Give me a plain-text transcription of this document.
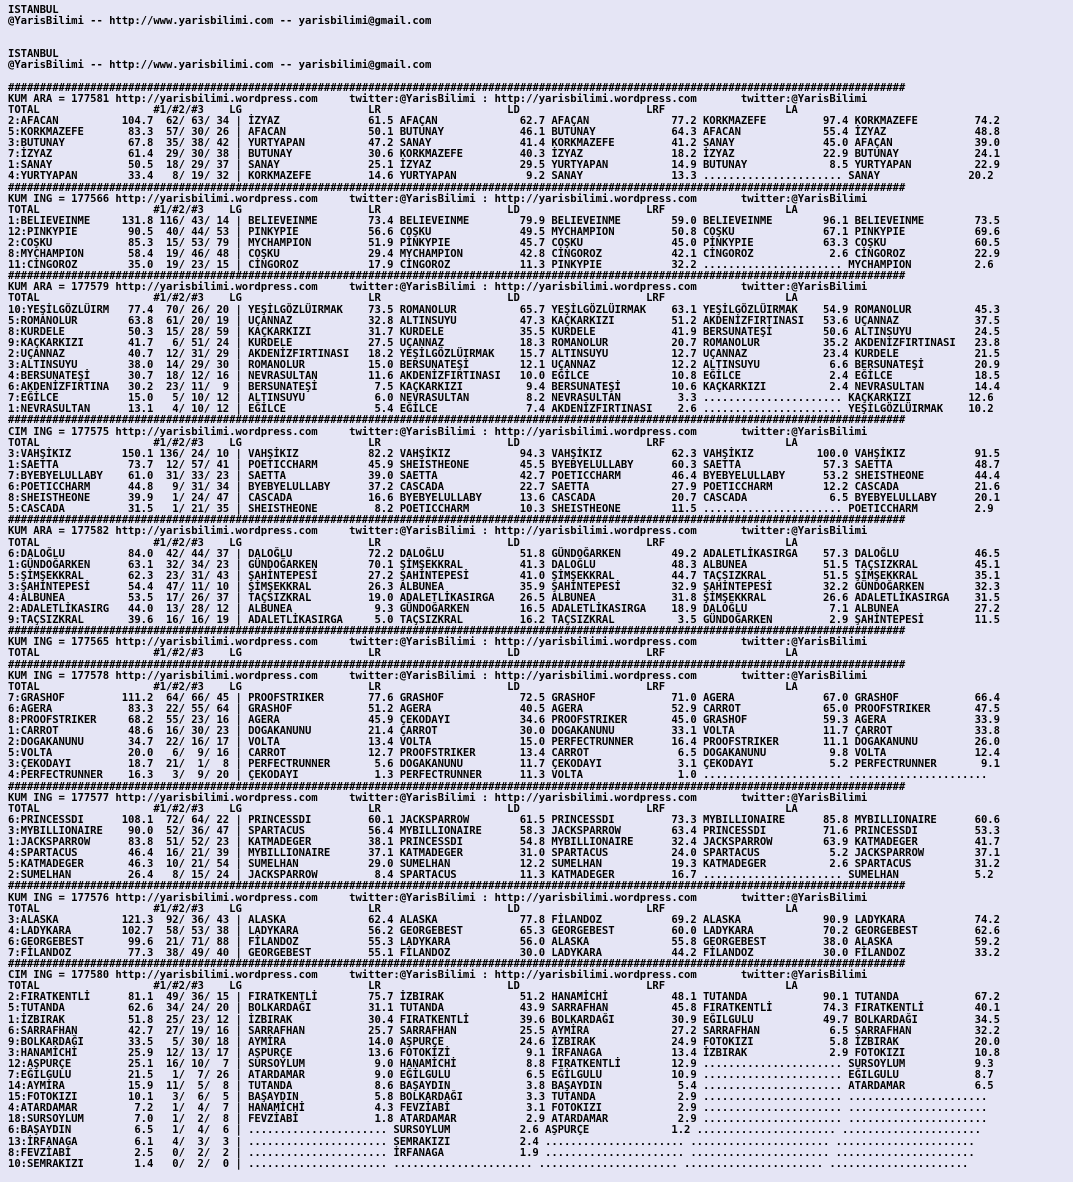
ISTANBUL
@YarisBilimi -- http://www.yarisbilimi.com -- yarisbilimi@gmail.com
ISTANBUL
@YarisBilimi -- http://www.yarisbilimi.com -- yarisbilimi@gmail.com
##############################################################################################################################################
KUM ARA = 177581 http://yarisbilimi.wordpress.com     twitter:@YarisBilimi : http://yarisbilimi.wordpress.com       twitter:@YarisBilimi
TOTAL                  #1/#2/#3    LG                    LR                    LD                    LRF                   LA
2:AFACAN          104.7  62/ 63/ 34 | İZYAZ              61.5 AFAÇAN             62.7 AFAÇAN             77.2 KORKMAZEFE         97.4 KORKMAZEFE         74.2
5:KORKMAZEFE       83.3  57/ 30/ 26 | AFACAN             50.1 BUTUNAY            46.1 BUTUNAY            64.3 AFACAN             55.4 İZYAZ              48.8
3:BUTUNAY          67.8  35/ 38/ 42 | YURTYAPAN          47.2 SANAY              41.4 KORKMAZEFE         41.2 SANAY              45.0 AFAÇAN             39.0
7:İZYAZ            61.4  29/ 30/ 38 | BUTUNAY            30.6 KORKMAZEFE         40.3 İZYAZ              18.2 İZYAZ              22.9 BUTUNAY            24.1
1:SANAY            50.5  18/ 29/ 37 | SANAY              25.1 İZYAZ              29.5 YURTYAPAN          14.9 BUTUNAY             8.5 YURTYAPAN          22.9
4:YURTYAPAN        33.4   8/ 19/ 32 | KORKMAZEFE         14.6 YURTYAPAN           9.2 SANAY              13.3 ...................... SANAY              20.2
##############################################################################################################################################
KUM ING = 177566 http://yarisbilimi.wordpress.com     twitter:@YarisBilimi : http://yarisbilimi.wordpress.com       twitter:@YarisBilimi
TOTAL                  #1/#2/#3    LG                    LR                    LD                    LRF                   LA
1:BELIEVEINME     131.8 116/ 43/ 14 | BELIEVEINME        73.4 BELIEVEINME        79.9 BELIEVEINME        59.0 BELIEVEINME        96.1 BELIEVEINME        73.5
12:PINKYPIE        90.5  40/ 44/ 53 | PINKYPIE           56.6 COŞKU              49.5 MYCHAMPION         50.8 COŞKU              67.1 PINKYPIE           69.6
2:COŞKU            85.3  15/ 53/ 79 | MYCHAMPION         51.9 PİNKYPIE           45.7 COŞKU              45.0 PİNKYPIE           63.3 COŞKU              60.5
8:MYCHAMPION       58.4  19/ 46/ 48 | COŞKU              29.4 MYCHAMPION         42.8 CİNGOROZ           42.1 CİNGOROZ            2.6 CİNGOROZ           22.9
11:CİNGOROZ        35.0  19/ 23/ 15 | CİNGOROZ           17.9 CİNGOROZ           11.3 PINKYPIE           32.2 ...................... MYCHAMPION          2.6
##############################################################################################################################################
KUM ARA = 177579 http://yarisbilimi.wordpress.com     twitter:@YarisBilimi : http://yarisbilimi.wordpress.com       twitter:@YarisBilimi
TOTAL                  #1/#2/#3    LG                    LR                    LD                    LRF                   LA
10:YEŞİLGÖZLÜIRM   77.4  70/ 26/ 20 | YEŞİLGÖZLÜIRMAK    73.5 ROMANOLUR          65.7 YEŞİLGÖZLÜIRMAK    63.1 YEŞİLGÖZLÜIRMAK    54.9 ROMANOLUR          45.3
5:ROMANOLUR        63.8  61/ 20/ 19 | UÇANNAZ            32.8 ALTINSUYU          47.3 KAÇKARKIZI         51.2 AKDENİZFIRTINASI   53.6 UÇANNAZ            37.5
8:KURDELE          50.3  15/ 28/ 59 | KAÇKARKIZI         31.7 KURDELE            35.5 KURDELE            41.9 BERSUNATEŞİ        50.6 ALTINSUYU          24.5
9:KAÇKARKIZI       41.7   6/ 51/ 24 | KURDELE            27.5 UÇANNAZ            18.3 ROMANOLUR          20.7 ROMANOLUR          35.2 AKDENİZFIRTINASI   23.8
2:UÇANNAZ          40.7  12/ 31/ 29 | AKDENİZFIRTINASI   18.2 YEŞİLGÖZLÜIRMAK    15.7 ALTINSUYU          12.7 UÇANNAZ            23.4 KURDELE            21.5
3:ALTINSUYU        38.0  14/ 29/ 30 | ROMANOLUR          15.0 BERSUNATEŞİ        12.1 UÇANNAZ            12.2 ALTINSUYU           6.6 BERSUNATEŞİ        20.9
4:BERSUNATEŞİ      30.7  18/ 12/ 16 | NEVRASULTAN        11.6 AKDENİZFIRTINASI   10.0 EĞİLCE             10.8 EĞİLCE              2.4 EĞİLCE             18.5
6:AKDENİZFIRTINA   30.2  23/ 11/  9 | BERSUNATEŞİ         7.5 KAÇKARKIZI          9.4 BERSUNATEŞİ        10.6 KAÇKARKIZI          2.4 NEVRASULTAN        14.4
7:EĞİLCE           15.0   5/ 10/ 12 | ALTINSUYU           6.0 NEVRASULTAN         8.2 NEVRASULTAN         3.3 ...................... KAÇKARKIZI         12.6
1:NEVRASULTAN      13.1   4/ 10/ 12 | EĞİLCE              5.4 EĞİLCE              7.4 AKDENİZFIRTINASI    2.6 ...................... YEŞİLGÖZLÜIRMAK    10.2
##############################################################################################################################################
CIM ING = 177575 http://yarisbilimi.wordpress.com     twitter:@YarisBilimi : http://yarisbilimi.wordpress.com       twitter:@YarisBilimi
TOTAL                  #1/#2/#3    LG                    LR                    LD                    LRF                   LA
3:VAHŞİKIZ        150.1 136/ 24/ 10 | VAHŞİKIZ           82.2 VAHŞİKIZ           94.3 VAHŞİKIZ           62.3 VAHŞİKIZ          100.0 VAHŞİKIZ           91.5
1:SAETTA           73.7  12/ 57/ 41 | POETICCHARM        45.9 SHEISTHEONE        45.5 BYEBYELULLABY      60.3 SAETTA             57.3 SAETTA             48.7
7:BYEBYELULLABY    61.0  31/ 33/ 23 | SAETTA             39.0 SAETTA             42.7 POETICCHARM        46.4 BYEBYELULLABY      53.2 SHEISTHEONE        44.4
6:POETICCHARM      44.8   9/ 31/ 34 | BYEBYELULLABY      37.2 CASCADA            22.7 SAETTA             27.9 POETICCHARM        12.2 CASCADA            21.6
8:SHEISTHEONE      39.9   1/ 24/ 47 | CASCADA            16.6 BYEBYELULLABY      13.6 CASCADA            20.7 CASCADA             6.5 BYEBYELULLABY      20.1
5:CASCADA          31.5   1/ 21/ 35 | SHEISTHEONE         8.2 POETICCHARM        10.3 SHEISTHEONE        11.5 ...................... POETICCHARM         2.9
##############################################################################################################################################
KUM ARA = 177582 http://yarisbilimi.wordpress.com     twitter:@YarisBilimi : http://yarisbilimi.wordpress.com       twitter:@YarisBilimi
TOTAL                  #1/#2/#3    LG                    LR                    LD                    LRF                   LA
6:DALOĞLU          84.0  42/ 44/ 37 | DALOĞLU            72.2 DALOĞLU            51.8 GÜNDOĞARKEN        49.2 ADALETLİKASIRGA    57.3 DALOĞLU            46.5
1:GÜNDOĞARKEN      63.1  32/ 34/ 23 | GÜNDOĞARKEN        70.1 ŞİMŞEKKRAL         41.3 DALOĞLU            48.3 ALBUNEA            51.5 TAÇSIZKRAL         45.1
5:ŞİMŞEKKRAL       62.3  23/ 31/ 43 | ŞAHİNTEPESİ        27.2 ŞAHİNTEPESİ        41.0 ŞİMŞEKKRAL         44.7 TAÇSIZKRAL         51.5 ŞİMŞEKKRAL         35.1
3:ŞAHİNTEPESİ      54.4  47/ 11/ 10 | ŞİMŞEKKRAL         26.3 ALBUNEA            35.9 ŞAHİNTEPESİ        32.9 ŞAHİNTEPESİ        32.2 GÜNDOĞARKEN        32.3
4:ALBUNEA          53.5  17/ 26/ 37 | TAÇSIZKRAL         19.0 ADALETLİKASIRGA    26.5 ALBUNEA            31.8 ŞİMŞEKKRAL         26.6 ADALETLİKASIRGA    31.5
2:ADALETLİKASIRG   44.0  13/ 28/ 12 | ALBUNEA             9.3 GÜNDOĞARKEN        16.5 ADALETLİKASIRGA    18.9 DALOĞLU             7.1 ALBUNEA            27.2
9:TAÇSIZKRAL       39.6  16/ 16/ 19 | ADALETLİKASIRGA     5.0 TAÇSIZKRAL         16.2 TAÇSIZKRAL          3.5 GÜNDOĞARKEN         2.9 ŞAHİNTEPESİ        11.5
##############################################################################################################################################
KUM ING = 177565 http://yarisbilimi.wordpress.com     twitter:@YarisBilimi : http://yarisbilimi.wordpress.com       twitter:@YarisBilimi
TOTAL                  #1/#2/#3    LG                    LR                    LD                    LRF                   LA
##############################################################################################################################################
KUM ING = 177578 http://yarisbilimi.wordpress.com     twitter:@YarisBilimi : http://yarisbilimi.wordpress.com       twitter:@YarisBilimi
TOTAL                  #1/#2/#3    LG                    LR                    LD                    LRF                   LA
7:GRASHOF         111.2  64/ 66/ 45 | PROOFSTRIKER       77.6 GRASHOF            72.5 GRASHOF            71.0 AGERA              67.0 GRASHOF            66.4
6:AGERA            83.3  22/ 55/ 64 | GRASHOF            51.2 AGERA              40.5 AGERA              52.9 CARROT             65.0 PROOFSTRIKER       47.5
8:PROOFSTRIKER     68.2  55/ 23/ 16 | AGERA              45.9 ÇEKODAYI           34.6 PROOFSTRIKER       45.0 GRASHOF            59.3 AGERA              33.9
1:CARROT           48.6  16/ 30/ 23 | DOGAKANUNU         21.4 ÇARROT             30.0 DOGAKANUNU         33.1 VOLTA              11.7 ÇARROT             33.8
2:DOGAKANUNU       34.7  22/ 16/ 17 | VOLTA              13.4 VOLTA              15.0 PERFECTRUNNER      16.4 PROOFSTRIKER       11.1 DOGAKANUNU         26.0
5:VOLTA            20.0   6/  9/ 16 | CARROT             12.7 PROOFSTRIKER       13.4 CARROT              6.5 DOGAKANUNU          9.8 VOLTA              12.4
3:ÇEKODAYI         18.7  21/  1/  8 | PERFECTRUNNER       5.6 DOGAKANUNU         11.7 ÇEKODAYI            3.1 ÇEKODAYI            5.2 PERFECTRUNNER       9.1
4:PERFECTRUNNER    16.3   3/  9/ 20 | ÇEKODAYI            1.3 PERFECTRUNNER      11.3 VOLTA               1.0 ...................... ......................
##############################################################################################################################################
KUM ING = 177577 http://yarisbilimi.wordpress.com     twitter:@YarisBilimi : http://yarisbilimi.wordpress.com       twitter:@YarisBilimi
TOTAL                  #1/#2/#3    LG                    LR                    LD                    LRF                   LA
6:PRINCESSDI      108.1  72/ 64/ 22 | PRINCESSDI         60.1 JACKSPARROW        61.5 PRINCESSDI         73.3 MYBILLIONAIRE      85.8 MYBILLIONAIRE      60.6
3:MYBILLIONAIRE    90.0  52/ 36/ 47 | SPARTACUS          56.4 MYBILLIONAIRE      58.3 JACKSPARROW        63.4 PRINCESSDI         71.6 PRINCESSDI         53.3
1:JACKSPARROW      83.8  51/ 52/ 23 | KATMADEGER         38.1 PRINCESSDI         54.8 MYBILLIONAIRE      32.4 JACKSPARROW        63.9 KATMADEGER         41.7
4:SPARTACUS        46.4  16/ 21/ 39 | MYBILLIONAIRE      37.1 KATMADEGER         31.0 SPARTACUS          24.0 SPARTACUS           5.2 JACKSPARROW        37.1
5:KATMADEGER       46.3  10/ 21/ 54 | SUMELHAN           29.0 SUMELHAN           12.2 SUMELHAN           19.3 KATMADEGER          2.6 SPARTACUS          31.2
2:SUMELHAN         26.4   8/ 15/ 24 | JACKSPARROW         8.4 SPARTACUS          11.3 KATMADEGER         16.7 ...................... SUMELHAN            5.2
##############################################################################################################################################
KUM ING = 177576 http://yarisbilimi.wordpress.com     twitter:@YarisBilimi : http://yarisbilimi.wordpress.com       twitter:@YarisBilimi
TOTAL                  #1/#2/#3    LG                    LR                    LD                    LRF                   LA
3:ALASKA          121.3  92/ 36/ 43 | ALASKA             62.4 ALASKA             77.8 FİLANDOZ           69.2 ALASKA             90.9 LADYKARA           74.2
4:LADYKARA        102.7  58/ 53/ 38 | LADYKARA           56.2 GEORGEBEST         65.3 GEORGEBEST         60.0 LADYKARA           70.2 GEORGEBEST         62.6
6:GEORGEBEST       99.6  21/ 71/ 88 | FİLANDOZ           55.3 LADYKARA           56.0 ALASKA             55.8 GEORGEBEST         38.0 ALASKA             59.2
7:FİLANDOZ         77.3  38/ 49/ 40 | GEORGEBEST         55.1 FİLANDOZ           30.0 LADYKARA           44.2 FİLANDOZ           30.0 FİLANDOZ           33.2
##############################################################################################################################################
CIM ING = 177580 http://yarisbilimi.wordpress.com     twitter:@YarisBilimi : http://yarisbilimi.wordpress.com       twitter:@YarisBilimi
TOTAL                  #1/#2/#3    LG                    LR                    LD                    LRF                   LA
2:FIRATKENTLİ      81.1  49/ 36/ 15 | FIRATKENTLİ        75.7 İZBIRAK            51.2 HANAMİCHİ          48.1 TUTANDA            90.1 TUTANDA            67.2
5:TUTANDA          62.6  34/ 24/ 20 | BOLKARDAĞI         31.1 TUTANDA            43.9 SARRAFHAN          45.8 FIRATKENTLİ        74.3 FIRATKENTLİ        40.1
1:İZBIRAK          51.8  25/ 23/ 12 | İZBIRAK            30.4 FIRATKENTLİ        39.6 BOLKARDAĞI         30.9 EĞILGULU           49.7 BOLKARDAĞI         34.5
6:SARRAFHAN        42.7  27/ 19/ 16 | SARRAFHAN          25.7 SARRAFHAN          25.5 AYMİRA             27.2 SARRAFHAN           6.5 SARRAFHAN          32.2
9:BOLKARDAĞI       33.5   5/ 30/ 18 | AYMİRA             14.0 AŞPURÇE            24.6 İZBIRAK            24.9 FOTOKIZI            5.8 İZBIRAK            20.0
3:HANAMİCHİ        25.9  12/ 13/ 17 | AŞPURÇE            13.6 FOTOKİZİ            9.1 İRFANAGA           13.4 İZBIRAK             2.9 FOTOKIZI           10.8
12:AŞPURÇE         25.1  16/ 10/  7 | SURSOYLUM           9.0 HANAMİCHİ           8.8 FIRATKENTLİ        12.9 ...................... SURSOYLUM           9.3
7:EĞILGULU         21.5   1/  7/ 26 | ATARDAMAR           9.0 EĞİLGULU            6.5 EĞİLGULU           10.9 ...................... EĞILGULU            8.7
14:AYMİRA          15.9  11/  5/  8 | TUTANDA             8.6 BAŞAYDIN            3.8 BAŞAYDIN            5.4 ...................... ATARDAMAR           6.5
15:FOTOKIZI        10.1   3/  6/  5 | BAŞAYDIN            5.8 BOLKARDAĞI          3.3 TUTANDA             2.9 ...................... ......................
4:ATARDAMAR         7.2   1/  4/  7 | HANAMİCHİ           4.3 FEVZİABİ            3.1 FOTOKIZI            2.9 ...................... ......................
18:SURSOYLUM        7.0   1/  2/  8 | FEVZİABİ            1.8 ATARDAMAR           2.9 ATARDAMAR           2.9 ...................... ......................
6:BAŞAYDIN          6.5   1/  4/  6 | ...................... SURSOYLUM           2.6 AŞPURÇE             1.2 ...................... ......................
13:İRFANAGA         6.1   4/  3/  3 | ...................... SEMRAKIZI           2.4 ...................... ...................... ......................
8:FEVZİABİ          2.5   0/  2/  2 | ...................... İRFANAGA            1.9 ...................... ...................... ......................
10:SEMRAKIZI        1.4   0/  2/  0 | ...................... ...................... ...................... ...................... ......................
